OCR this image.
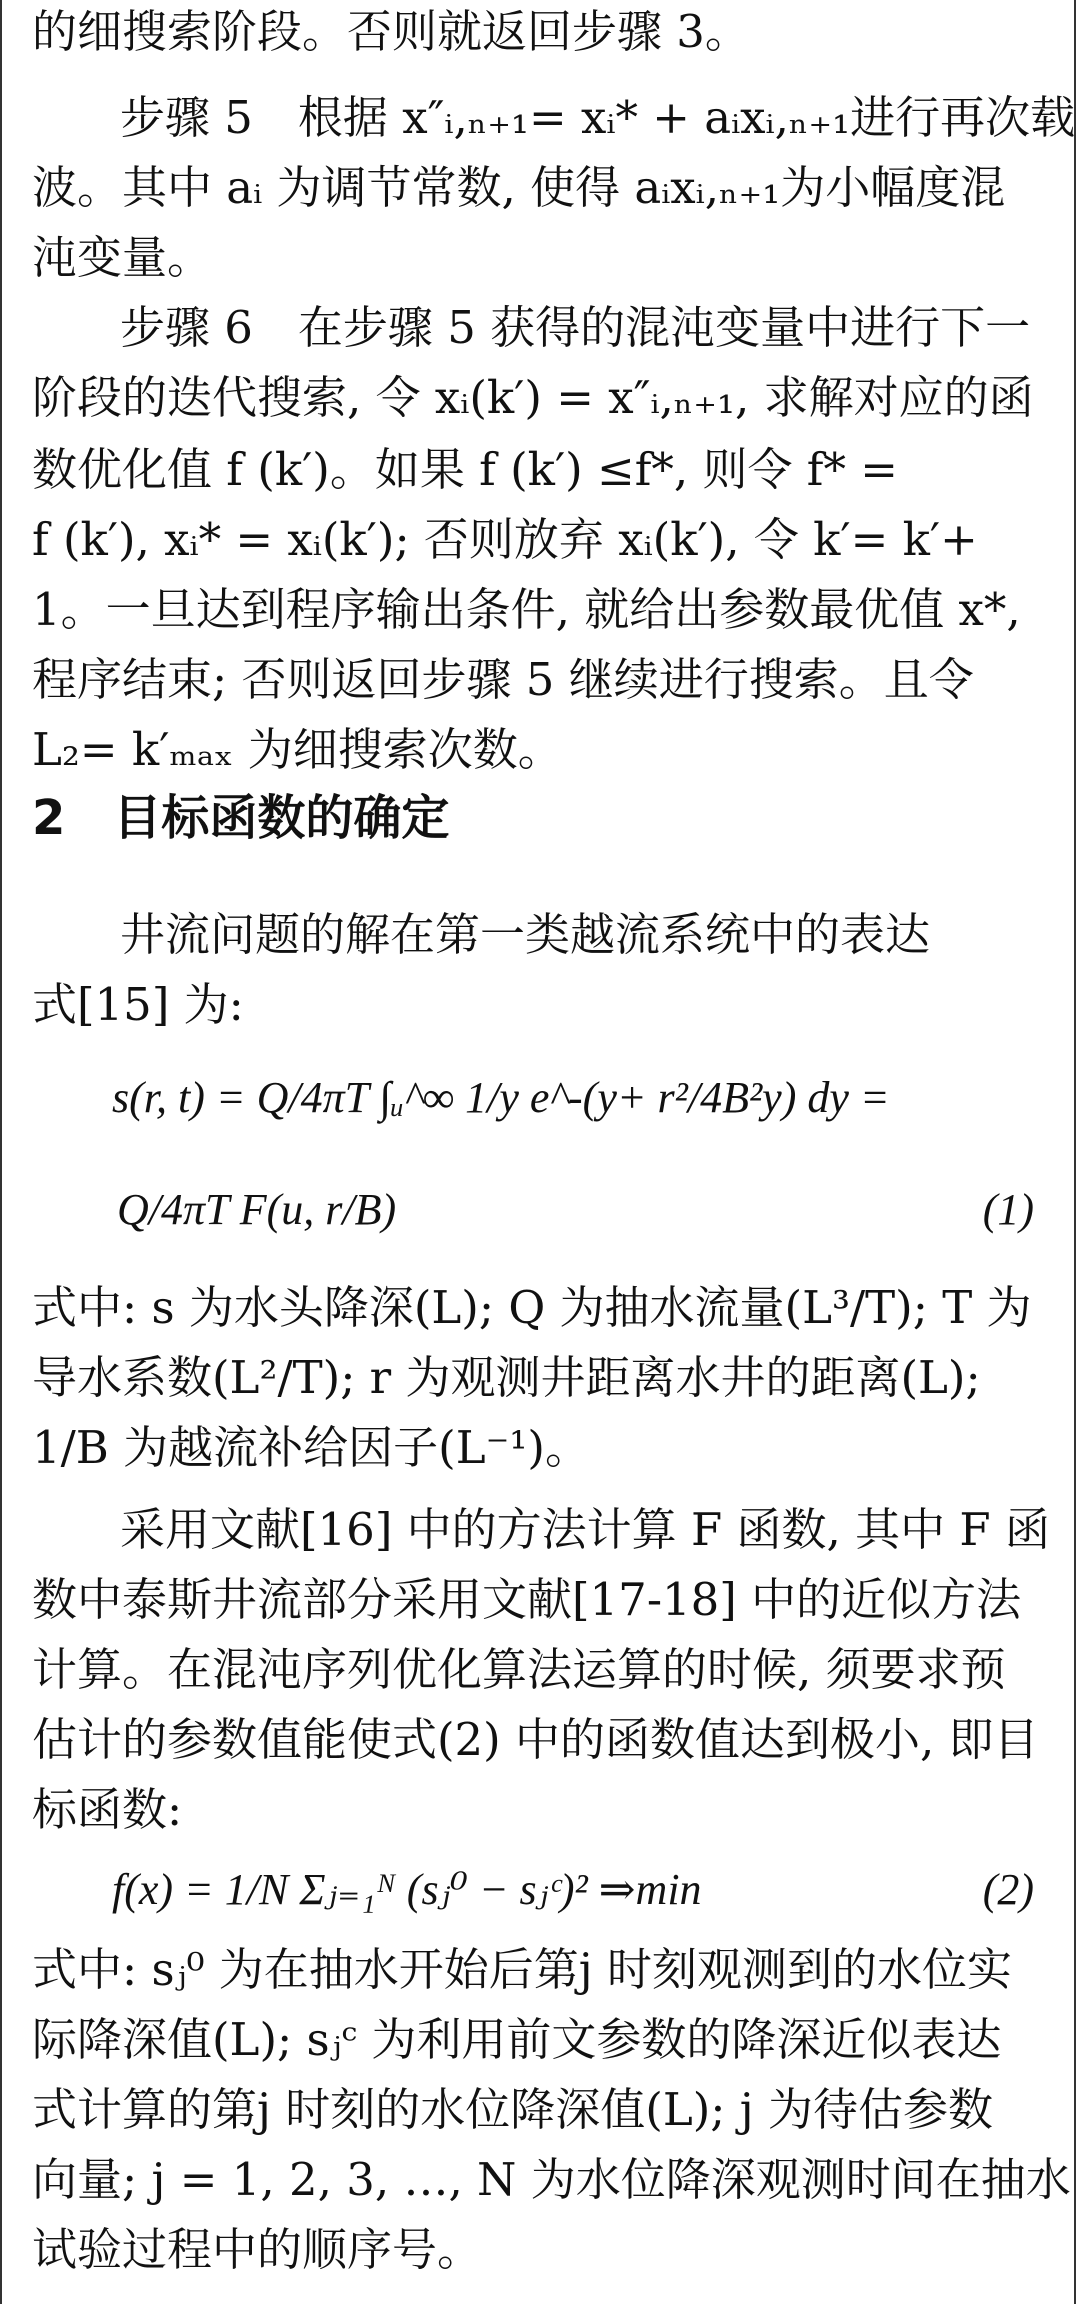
的细搜索阶段。否则就返回步骤 3。
步骤 5　根据 x″ᵢ,ₙ₊₁= xᵢ* + aᵢxᵢ,ₙ₊₁进行再次载
波。其中 aᵢ 为调节常数, 使得 aᵢxᵢ,ₙ₊₁为小幅度混
沌变量。
步骤 6　在步骤 5 获得的混沌变量中进行下一
阶段的迭代搜索, 令 xᵢ(k′) = x″ᵢ,ₙ₊₁, 求解对应的函
数优化值 f (k′)。如果 f (k′) ≤f*, 则令 f* =
f (k′), xᵢ* = xᵢ(k′); 否则放弃 xᵢ(k′), 令 k′= k′+
1。一旦达到程序输出条件, 就给出参数最优值 x*,
程序结束; 否则返回步骤 5 继续进行搜索。且令
L₂= k′ₘₐₓ 为细搜索次数。
2　目标函数的确定
井流问题的解在第一类越流系统中的表达
式[15] 为:
s(r, t) = Q/4πT ∫ᵤ^∞ 1/y e^-(y+ r²/4B²y) dy =
Q/4πT F(u, r/B)	(1)
式中: s 为水头降深(L); Q 为抽水流量(L³/T); T 为
导水系数(L²/T); r 为观测井距离水井的距离(L);
1/B 为越流补给因子(L⁻¹)。
采用文献[16] 中的方法计算 F 函数, 其中 F 函
数中泰斯井流部分采用文献[17-18] 中的近似方法
计算。在混沌序列优化算法运算的时候, 须要求预
估计的参数值能使式(2) 中的函数值达到极小, 即目
标函数:
f(x) = 1/N Σⱼ₌₁ᴺ (sⱼ⁰ − sⱼᶜ)² ⇒min	(2)
式中: sⱼ⁰ 为在抽水开始后第j 时刻观测到的水位实
际降深值(L); sⱼᶜ 为利用前文参数的降深近似表达
式计算的第j 时刻的水位降深值(L); j 为待估参数
向量; j = 1, 2, 3, …, N 为水位降深观测时间在抽水
试验过程中的顺序号。
